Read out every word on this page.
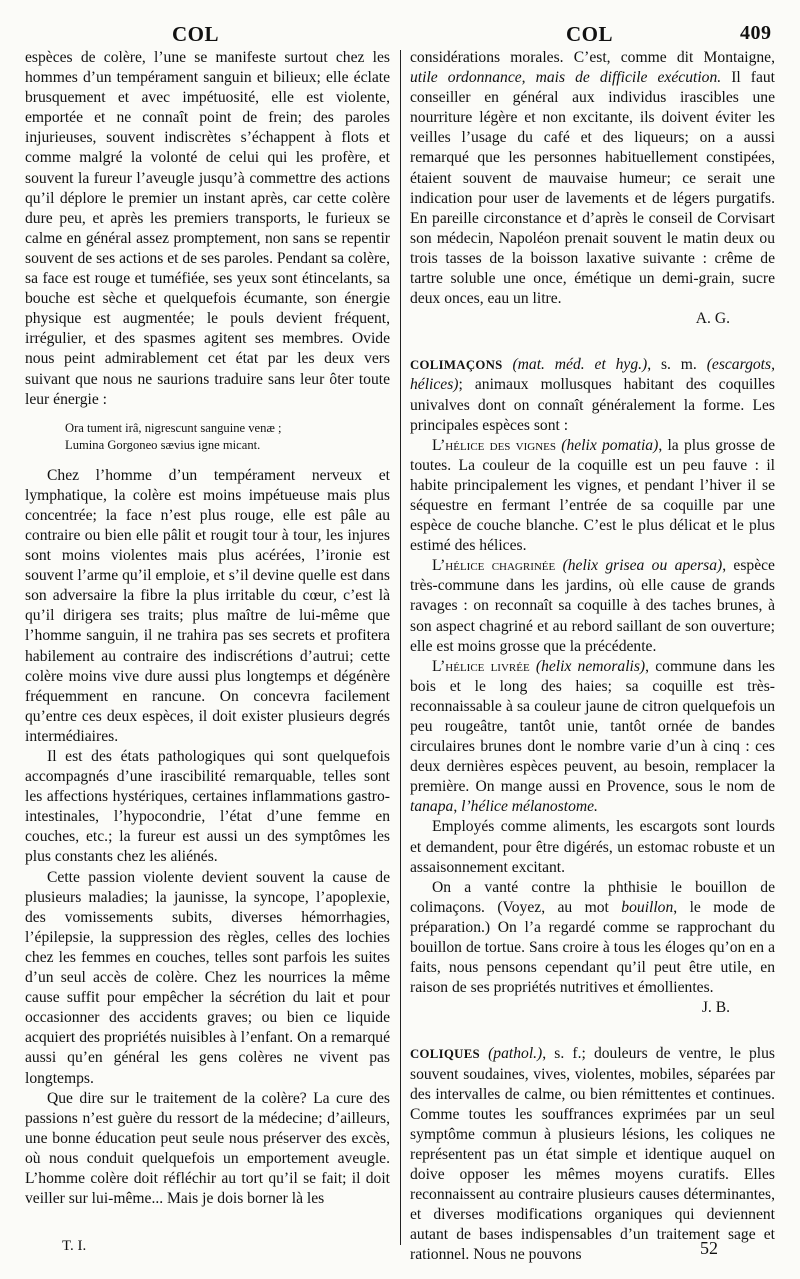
COL	COL	409

espèces de colère, l’une se manifeste surtout chez les hommes d’un tempérament sanguin et bilieux; elle éclate brusquement et avec impétuosité, elle est violente, emportée et ne connaît point de frein; des paroles injurieuses, souvent indiscrètes s’échappent à flots et comme malgré la volonté de celui qui les profère, et souvent la fureur l’aveugle jusqu’à commettre des actions qu’il déplore le premier un instant après, car cette colère dure peu, et après les premiers transports, le furieux se calme en général assez promptement, non sans se repentir souvent de ses actions et de ses paroles. Pendant sa colère, sa face est rouge et tuméfiée, ses yeux sont étincelants, sa bouche est sèche et quelquefois écumante, son énergie physique est augmentée; le pouls devient fréquent, irrégulier, et des spasmes agitent ses membres. Ovide nous peint admirablement cet état par les deux vers suivant que nous ne saurions traduire sans leur ôter toute leur énergie :

Ora tument irâ, nigrescunt sanguine venæ ;
Lumina Gorgoneo sævius igne micant.

Chez l’homme d’un tempérament nerveux et lymphatique, la colère est moins impétueuse mais plus concentrée; la face n’est plus rouge, elle est pâle au contraire ou bien elle pâlit et rougit tour à tour, les injures sont moins violentes mais plus acérées, l’ironie est souvent l’arme qu’il emploie, et s’il devine quelle est dans son adversaire la fibre la plus irritable du cœur, c’est là qu’il dirigera ses traits; plus maître de lui-même que l’homme sanguin, il ne trahira pas ses secrets et profitera habilement au contraire des indiscrétions d’autrui; cette colère moins vive dure aussi plus longtemps et dégénère fréquemment en rancune. On concevra facilement qu’entre ces deux espèces, il doit exister plusieurs degrés intermédiaires.

Il est des états pathologiques qui sont quelquefois accompagnés d’une irascibilité remarquable, telles sont les affections hystériques, certaines inflammations gastro-intestinales, l’hypocondrie, l’état d’une femme en couches, etc.; la fureur est aussi un des symptômes les plus constants chez les aliénés.

Cette passion violente devient souvent la cause de plusieurs maladies; la jaunisse, la syncope, l’apoplexie, des vomissements subits, diverses hémorrhagies, l’épilepsie, la suppression des règles, celles des lochies chez les femmes en couches, telles sont parfois les suites d’un seul accès de colère. Chez les nourrices la même cause suffit pour empêcher la sécrétion du lait et pour occasionner des accidents graves; ou bien ce liquide acquiert des propriétés nuisibles à l’enfant. On a remarqué aussi qu’en général les gens colères ne vivent pas longtemps.

Que dire sur le traitement de la colère? La cure des passions n’est guère du ressort de la médecine; d’ailleurs, une bonne éducation peut seule nous préserver des excès, où nous conduit quelquefois un emportement aveugle. L’homme colère doit réfléchir au tort qu’il se fait; il doit veiller sur lui-même... Mais je dois borner là les

considérations morales. C’est, comme dit Montaigne, utile ordonnance, mais de difficile exécution. Il faut conseiller en général aux individus irascibles une nourriture légère et non excitante, ils doivent éviter les veilles l’usage du café et des liqueurs; on a aussi remarqué que les personnes habituellement constipées, étaient souvent de mauvaise humeur; ce serait une indication pour user de lavements et de légers purgatifs. En pareille circonstance et d’après le conseil de Corvisart son médecin, Napoléon prenait souvent le matin deux ou trois tasses de la boisson laxative suivante : crême de tartre soluble une once, émétique un demi-grain, sucre deux onces, eau un litre.

A. G.

COLIMAÇONS (mat. méd. et hyg.), s. m. (escargots, hélices); animaux mollusques habitant des coquilles univalves dont on connaît généralement la forme. Les principales espèces sont :

L’hélice des vignes (helix pomatia), la plus grosse de toutes. La couleur de la coquille est un peu fauve : il habite principalement les vignes, et pendant l’hiver il se séquestre en fermant l’entrée de sa coquille par une espèce de couche blanche. C’est le plus délicat et le plus estimé des hélices.

L’hélice chagrinée (helix grisea ou apersa), espèce très-commune dans les jardins, où elle cause de grands ravages : on reconnaît sa coquille à des taches brunes, à son aspect chagriné et au rebord saillant de son ouverture; elle est moins grosse que la précédente.

L’hélice livrée (helix nemoralis), commune dans les bois et le long des haies; sa coquille est très-reconnaissable à sa couleur jaune de citron quelquefois un peu rougeâtre, tantôt unie, tantôt ornée de bandes circulaires brunes dont le nombre varie d’un à cinq : ces deux dernières espèces peuvent, au besoin, remplacer la première. On mange aussi en Provence, sous le nom de tanapa, l’hélice mélanostome.

Employés comme aliments, les escargots sont lourds et demandent, pour être digérés, un estomac robuste et un assaisonnement excitant.

On a vanté contre la phthisie le bouillon de colimaçons. (Voyez, au mot bouillon, le mode de préparation.) On l’a regardé comme se rapprochant du bouillon de tortue. Sans croire à tous les éloges qu’on en a faits, nous pensons cependant qu’il peut être utile, en raison de ses propriétés nutritives et émollientes.

J. B.

COLIQUES (pathol.), s. f.; douleurs de ventre, le plus souvent soudaines, vives, violentes, mobiles, séparées par des intervalles de calme, ou bien rémittentes et continues. Comme toutes les souffrances exprimées par un seul symptôme commun à plusieurs lésions, les coliques ne représentent pas un état simple et identique auquel on doive opposer les mêmes moyens curatifs. Elles reconnaissent au contraire plusieurs causes déterminantes, et diverses modifications organiques qui deviennent autant de bases indispensables d’un traitement sage et rationnel. Nous ne pouvons

T. I.	52
